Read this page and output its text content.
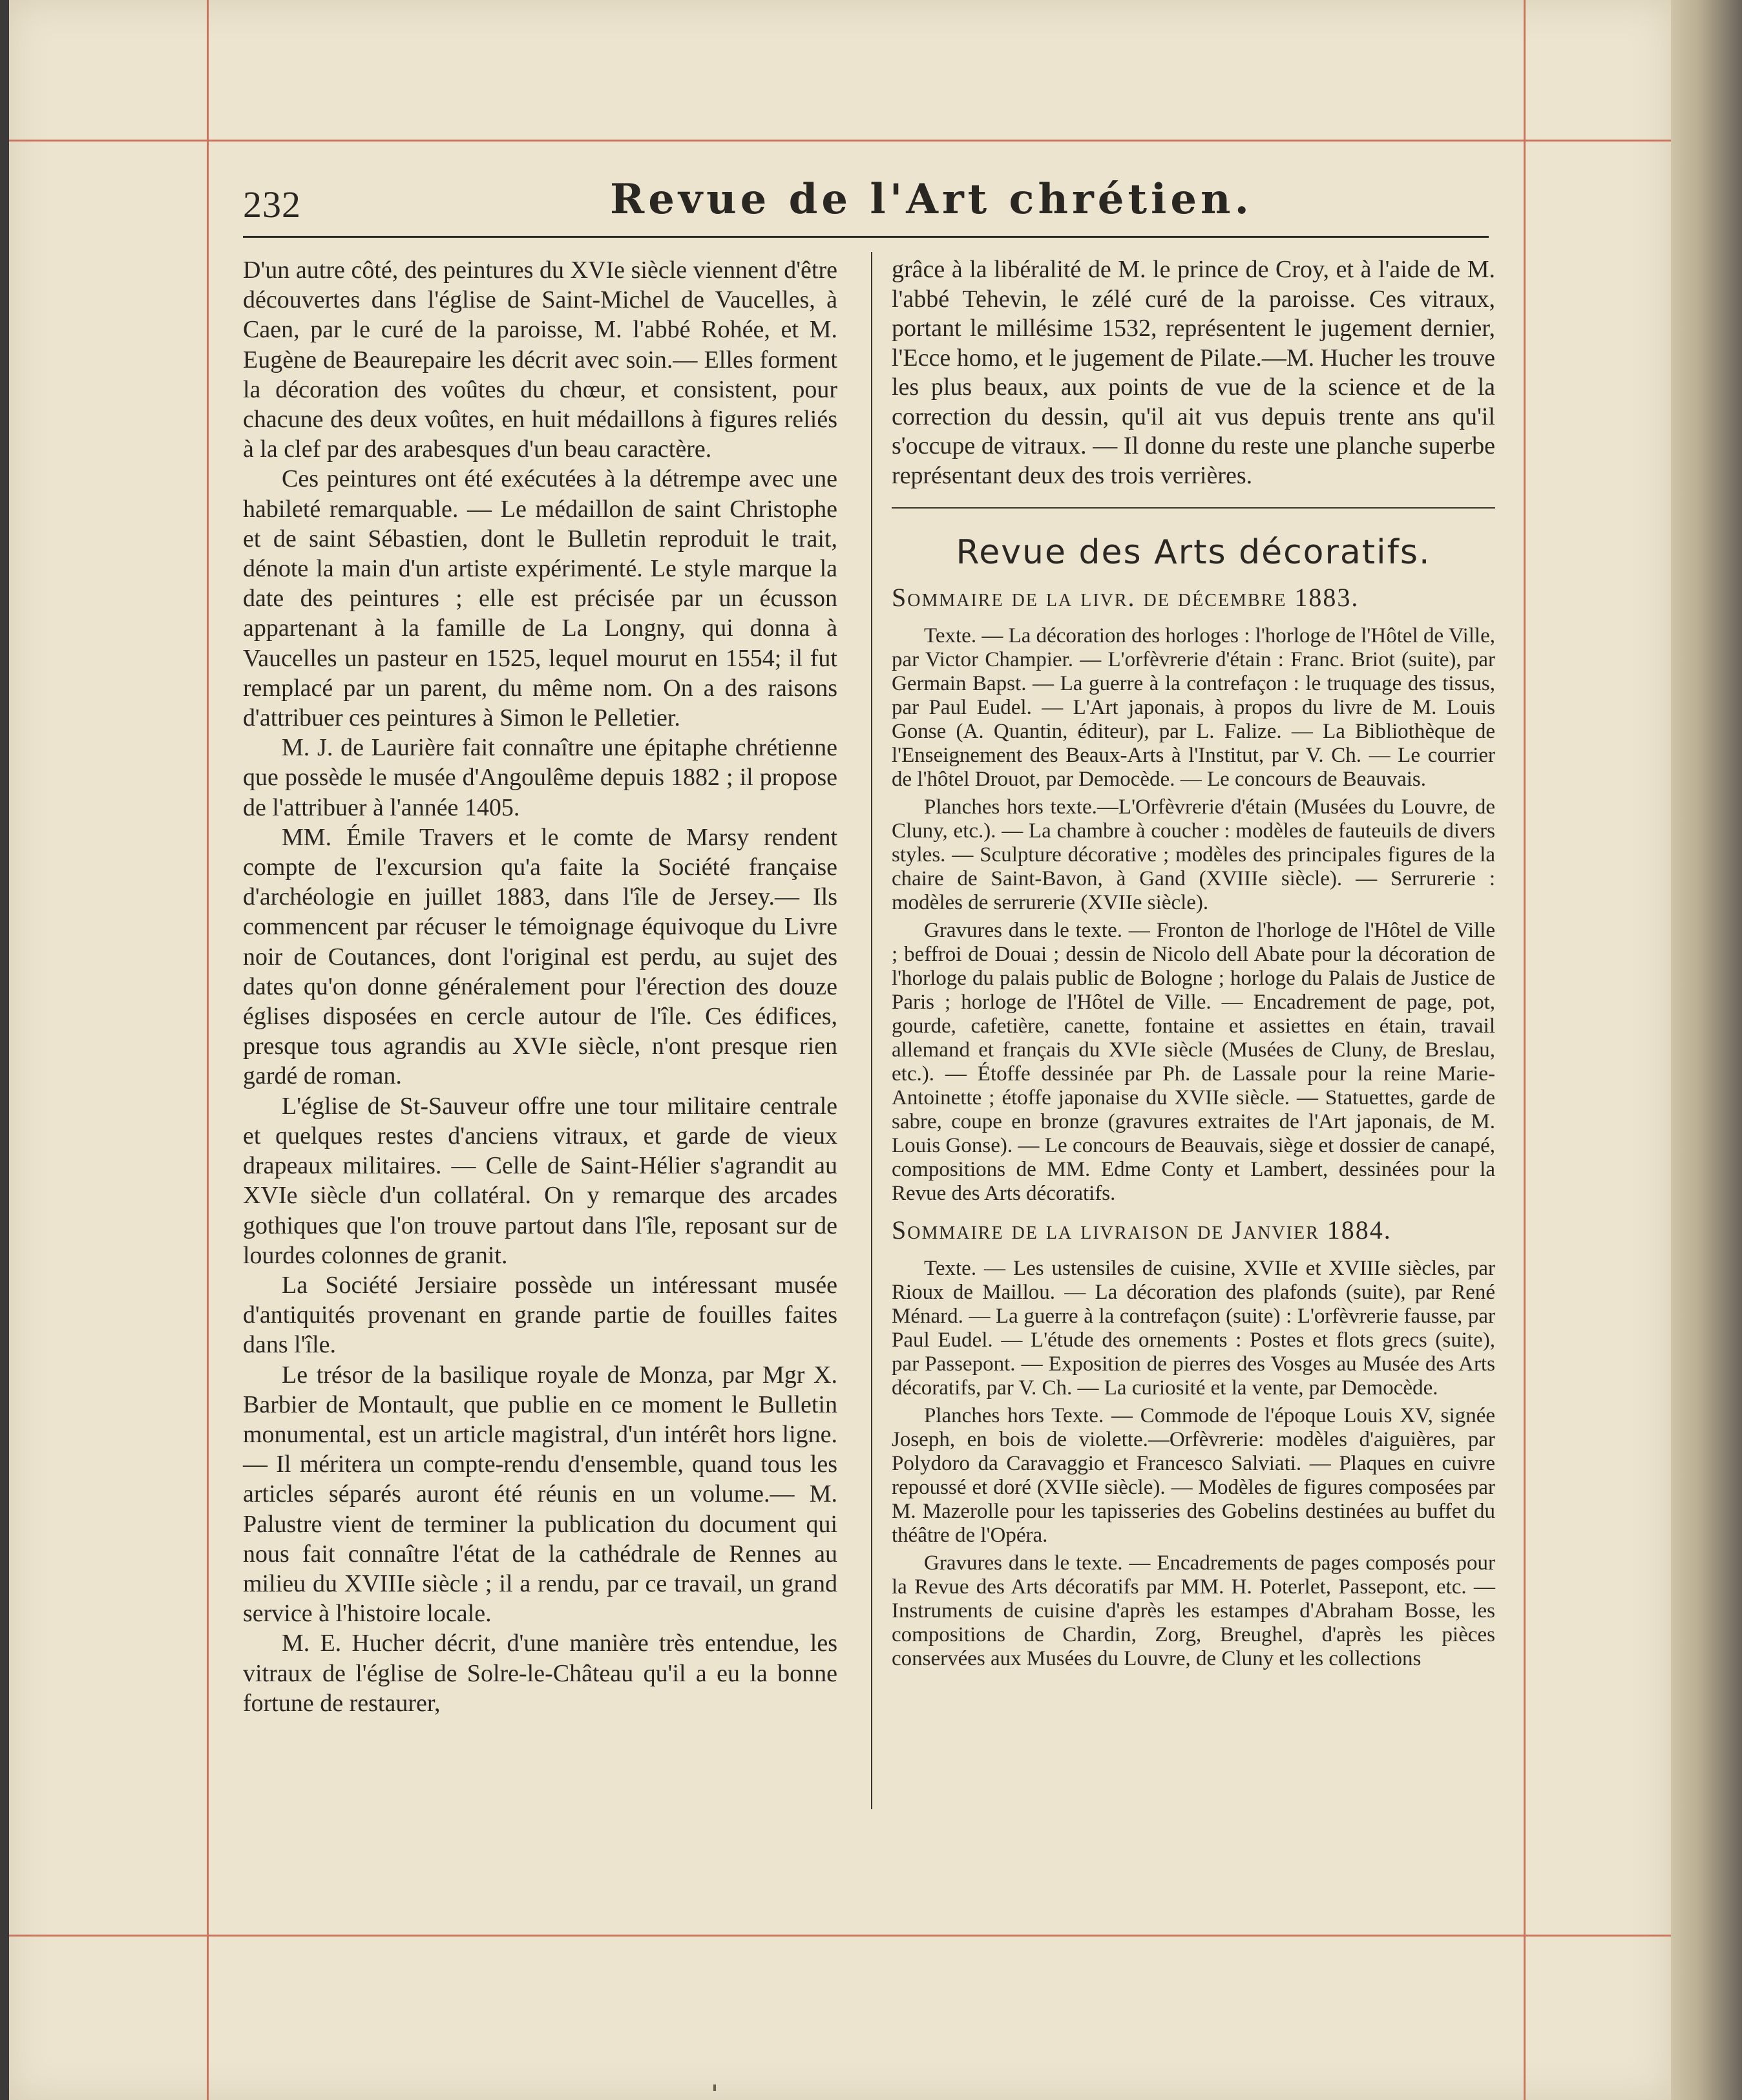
232	Revue de l'Art chrétien.

D'un autre côté, des peintures du XVIe siècle viennent d'être découvertes dans l'église de Saint-Michel de Vaucelles, à Caen, par le curé de la paroisse, M. l'abbé Rohée, et M. Eugène de Beaurepaire les décrit avec soin.— Elles forment la décoration des voûtes du chœur, et consistent, pour chacune des deux voûtes, en huit médaillons à figures reliés à la clef par des arabesques d'un beau caractère.

Ces peintures ont été exécutées à la détrempe avec une habileté remarquable. — Le médaillon de saint Christophe et de saint Sébastien, dont le Bulletin reproduit le trait, dénote la main d'un artiste expérimenté. Le style marque la date des peintures ; elle est précisée par un écusson appartenant à la famille de La Longny, qui donna à Vaucelles un pasteur en 1525, lequel mourut en 1554; il fut remplacé par un parent, du même nom. On a des raisons d'attribuer ces peintures à Simon le Pelletier.

M. J. de Laurière fait connaître une épitaphe chrétienne que possède le musée d'Angoulême depuis 1882 ; il propose de l'attribuer à l'année 1405.

MM. Émile Travers et le comte de Marsy rendent compte de l'excursion qu'a faite la Société française d'archéologie en juillet 1883, dans l'île de Jersey.— Ils commencent par récuser le témoignage équivoque du Livre noir de Coutances, dont l'original est perdu, au sujet des dates qu'on donne généralement pour l'érection des douze églises disposées en cercle autour de l'île. Ces édifices, presque tous agrandis au XVIe siècle, n'ont presque rien gardé de roman.

L'église de St-Sauveur offre une tour militaire centrale et quelques restes d'anciens vitraux, et garde de vieux drapeaux militaires. — Celle de Saint-Hélier s'agrandit au XVIe siècle d'un collatéral. On y remarque des arcades gothiques que l'on trouve partout dans l'île, reposant sur de lourdes colonnes de granit.

La Société Jersiaire possède un intéressant musée d'antiquités provenant en grande partie de fouilles faites dans l'île.

Le trésor de la basilique royale de Monza, par Mgr X. Barbier de Montault, que publie en ce moment le Bulletin monumental, est un article magistral, d'un intérêt hors ligne. — Il méritera un compte-rendu d'ensemble, quand tous les articles séparés auront été réunis en un volume.— M. Palustre vient de terminer la publication du document qui nous fait connaître l'état de la cathédrale de Rennes au milieu du XVIIIe siècle ; il a rendu, par ce travail, un grand service à l'histoire locale.

M. E. Hucher décrit, d'une manière très entendue, les vitraux de l'église de Solre-le-Château qu'il a eu la bonne fortune de restaurer,

grâce à la libéralité de M. le prince de Croy, et à l'aide de M. l'abbé Tehevin, le zélé curé de la paroisse. Ces vitraux, portant le millésime 1532, représentent le jugement dernier, l'Ecce homo, et le jugement de Pilate.—M. Hucher les trouve les plus beaux, aux points de vue de la science et de la correction du dessin, qu'il ait vus depuis trente ans qu'il s'occupe de vitraux. — Il donne du reste une planche superbe représentant deux des trois verrières.

Revue des Arts décoratifs.
Sommaire de la livr. de décembre 1883.

Texte. — La décoration des horloges : l'horloge de l'Hôtel de Ville, par Victor Champier. — L'orfèvrerie d'étain : Franc. Briot (suite), par Germain Bapst. — La guerre à la contrefaçon : le truquage des tissus, par Paul Eudel. — L'Art japonais, à propos du livre de M. Louis Gonse (A. Quantin, éditeur), par L. Falize. — La Bibliothèque de l'Enseignement des Beaux-Arts à l'Institut, par V. Ch. — Le courrier de l'hôtel Drouot, par Democède. — Le concours de Beauvais.

Planches hors texte.—L'Orfèvrerie d'étain (Musées du Louvre, de Cluny, etc.). — La chambre à coucher : modèles de fauteuils de divers styles. — Sculpture décorative ; modèles des principales figures de la chaire de Saint-Bavon, à Gand (XVIIIe siècle). — Serrurerie : modèles de serrurerie (XVIIe siècle).

Gravures dans le texte. — Fronton de l'horloge de l'Hôtel de Ville ; beffroi de Douai ; dessin de Nicolo dell Abate pour la décoration de l'horloge du palais public de Bologne ; horloge du Palais de Justice de Paris ; horloge de l'Hôtel de Ville. — Encadrement de page, pot, gourde, cafetière, canette, fontaine et assiettes en étain, travail allemand et français du XVIe siècle (Musées de Cluny, de Breslau, etc.). — Étoffe dessinée par Ph. de Lassale pour la reine Marie-Antoinette ; étoffe japonaise du XVIIe siècle. — Statuettes, garde de sabre, coupe en bronze (gravures extraites de l'Art japonais, de M. Louis Gonse). — Le concours de Beauvais, siège et dossier de canapé, compositions de MM. Edme Conty et Lambert, dessinées pour la Revue des Arts décoratifs.

Sommaire de la livraison de Janvier 1884.

Texte. — Les ustensiles de cuisine, XVIIe et XVIIIe siècles, par Rioux de Maillou. — La décoration des plafonds (suite), par René Ménard. — La guerre à la contrefaçon (suite) : L'orfèvrerie fausse, par Paul Eudel. — L'étude des ornements : Postes et flots grecs (suite), par Passepont. — Exposition de pierres des Vosges au Musée des Arts décoratifs, par V. Ch. — La curiosité et la vente, par Democède.

Planches hors Texte. — Commode de l'époque Louis XV, signée Joseph, en bois de violette.—Orfèvrerie: modèles d'aiguières, par Polydoro da Caravaggio et Francesco Salviati. — Plaques en cuivre repoussé et doré (XVIIe siècle). — Modèles de figures composées par M. Mazerolle pour les tapisseries des Gobelins destinées au buffet du théâtre de l'Opéra.

Gravures dans le texte. — Encadrements de pages composés pour la Revue des Arts décoratifs par MM. H. Poterlet, Passepont, etc. — Instruments de cuisine d'après les estampes d'Abraham Bosse, les compositions de Chardin, Zorg, Breughel, d'après les pièces conservées aux Musées du Louvre, de Cluny et les collections
